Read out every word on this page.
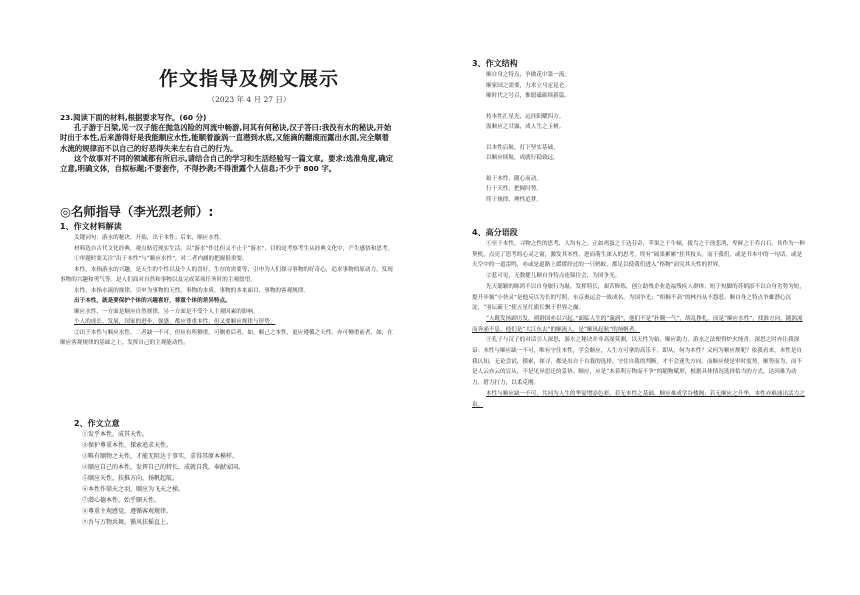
作文指导及例文展示
（2023 年 4 月 27 日）

23.阅读下面的材料,根据要求写作。(60 分)

孔子游于吕梁,见一汉子能在抛急凶险的河流中畅游,问其有何秘诀,汉子答曰:我没有水的秘诀,开始时出于本性,后来游得好是我能顺应水性,能顺着漩涡一直潜到水底,又能滴的翻滚而露出水面,完全顺着水流的规律而不以自己的好恶得失来左右自己的行为。

这个故事对不同的领域都有所启示,请结合自己的学习和生活经验写一篇文章。要求:选准角度,确定立意,明确文体，自拟标题;不要套作，不得抄袭;不得泄露个人信息;不少于 800 字。

◎名师指导（李光烈老师）:
1、作文材料解读

关键词句：游水的秘诀，开始，出于本性；后来，顺应水性。

材料选自古代文化经典，观点贴近现实生活。以“游水”作比但又不止于“游水”，目的是考察考生从经典文化中，产生感悟和思考。

①审题时要关注“出于本性”与“顺应水性”，对二者内涵的把握很重要。

本性，本指游水的兴趣，是天生的个性以及个人的喜好，生存的需要等，引申为人们探寻事物的好奇心，追求事物的原动力，发现事物的兴趣和勇气等。是人们面对自然和事物以及完成某项任务时的主观愿望。

水性，本指水流的规律，引申为事物的天性，事物的本质，事物的本来面目，事物的客观规律。

出于本性，就是要保护个体的兴趣喜好，尊重个体的差异特点。

顺应水性，一方面是顺应自然规律，另一方面是不受个人主观因素的影响。

个人的成长、发展，国家的进步，强盛，都应尊重本性，但又要顺应规律与形势。

②出于本性与顺应水性，二者缺一不可，但应有所侧重。可侧重后者，如，顺己之本性，更应遵循之天性。亦可侧重前者，如，在顺应客观规律的基础之上，发挥自己的主观能动性。

2、作文立意
①发乎本性，成其天性。
②保护尊重本性，探索追求天性。
③唯有顺物之天性，才能无阻达于事实，求得其原本模样。
④顺应自己的本性，发挥自己的特长，成就自我，奉献家国。
⑤顺应天性，扶推方向，扬帆起航。
⑥本性作鼎天之羽，顺应为飞天之梯。
⑦潜心德本性，始乎顺天性。
⑧尊重主观感觉，遵循客观规律。
⑨吾与万物共舞，循风扶摇直上。
3、作文结构

顺自身之特点，争做花中第一流。

顺家国之需要，力求立马定昆仑。

顺时代之号召，惟愿砥砺续新篇。

持本性汇星光，远挂阳耀四方。

汲顺应之甘露，成人生之玉树。

以本性启航，打下坚实基础。

以顺应续航，成就行稳致远。

始于本性，随心而动。

行于天性，把握时势。

终于规律，理性追梦。

4、高分语段

①至于本性，寻物之性的思考，人均有之。正如鸡蛋之于达芬奇，苹果之于牛顿，拔鸟之于徐悲鸿，卑鲜之于乔白石，其作为一种契机，点亮了思考的心灵之窗，激发其本性，进而萌生深入的思考，终有“硕果累累”挂其枝头。而于我们，或是书本中的一句话，或是天空中的一道雷鸣，亦或是道路上缓缓经过的一只蚂蚁，都足以使我们进入“格物”而究其天性的世界。

②惹可见，无数健儿顺自身特点连锦往会，为国争光。

先天聪颖的陈鸿不以自身旅行为耻，发挥特长，艰苦修炼，创立助残企业造福残疾人群体；短于短脚的苏炳添不以自身劣势为短，提升步频“小快灵”是他反以为长的写照，东京奥运会一战成名，为国争光；“梧桐不高”的林丹从不怨怼，顺自身之特点争雄潜心沉淀，“羽坛霸王”使五星红旗长飘于世界之巅。

“人既发扬踔厉发，则群国亦以兴起。”面临人生的“漩涡”，他们不是“扑腾一气”，胡乱挣扎，而是“顺应水性”，找准方向，随涡流而奔涌不息。他们是“大江东去”的顺流人，是“顺风起航”的扬帆者。

③孔子与汉子的对话引人深思，游水之秘诀并非高深莫测，以天性为始，顺应助力，游水之法便得炉火纯青。深思之时亦让我深谙：本性与顺应缺一不可，唯有守住本性，学会顺应，人生方可拿的高乐不。即从，何为本性？又何为顺应规呢？依我看来，本性是自我认知，无论尝试，摸索，探寻，都是出自于自我的选择，守住自我的判断，才不会迷失方向。而顺应便是审时度势，顺势而为，而不是人云亦云的盲从，不是见异思迁的妥协。顺应，应是“本着利万物而不争”的随物赋形，根据具体情况选择恰当的方式，达因难为动力，借力打力，以柔克刚。

本性与顺应缺一不可，共同为人生的华宴增添色彩。若无本性之基础，顺应难成学谷楼阁；若无顺应之升华，本性亦难涌出活力之泉。
